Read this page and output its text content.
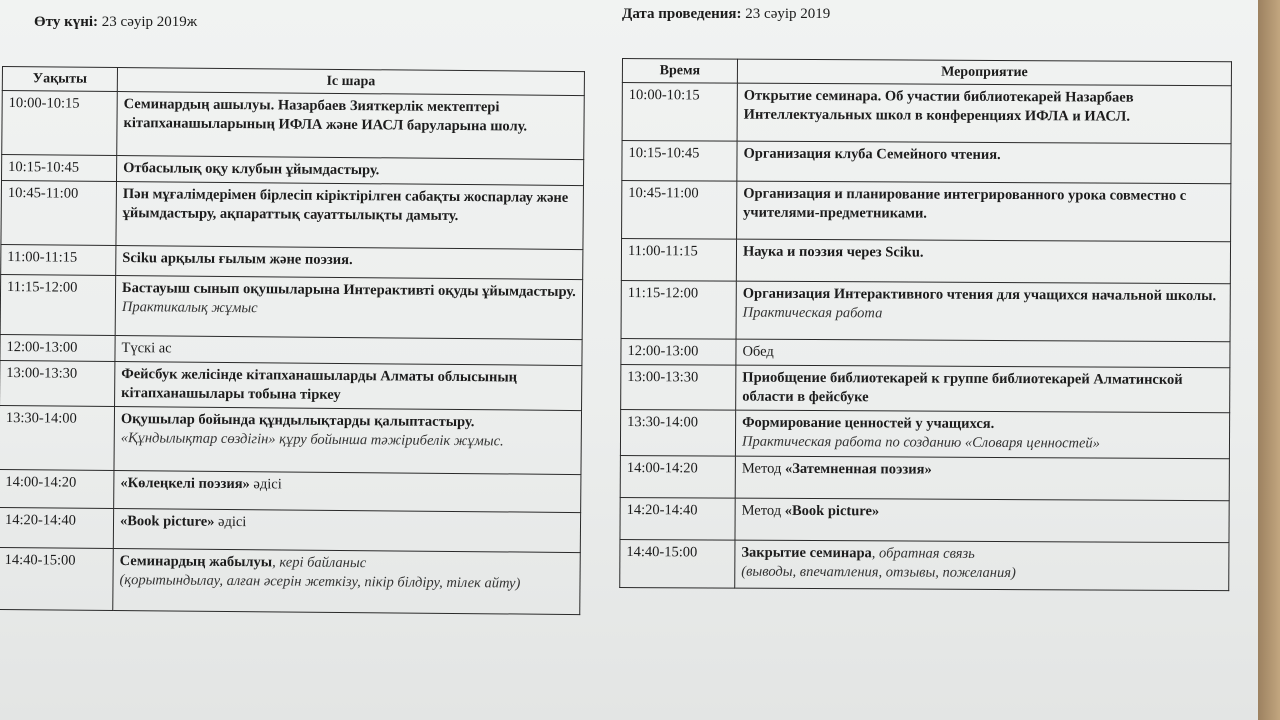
Өту күні: 23 сәуір 2019ж	Дата проведения: 23 сәуір 2019
Уақыты	Іс шара
10:00-10:15	Семинардың ашылуы. Назарбаев Зияткерлік мектептері кітапханашыларының ИФЛА және ИАСЛ баруларына шолу.
10:15-10:45	Отбасылық оқу клубын ұйымдастыру.
10:45-11:00	Пән мұғалімдерімен бірлесіп кіріктірілген сабақты жоспарлау және ұйымдастыру, ақпараттық сауаттылықты дамыту.
11:00-11:15	Sciku арқылы ғылым және поэзия.
11:15-12:00	Бастауыш сынып оқушыларына Интерактивті оқуды ұйымдастыру.
Практикалық жұмыс

12:00-13:00	Түскі ас
13:00-13:30	Фейсбук желісінде кітапханашыларды Алматы облысының кітапханашылары тобына тіркеу
13:30-14:00	Оқушылар бойында құндылықтарды қалыптастыру.
«Құндылықтар сөздігін» құру бойынша тәжірибелік жұмыс.

14:00-14:20	«Көлеңкелі поэзия» әдісі
14:20-14:40	«Book picture» әдісі
14:40-15:00	Семинардың жабылуы, кері байланыс
(қорытындылау, алған әсерін жеткізу, пікір білдіру, тілек айту)
Время	Мероприятие
10:00-10:15	Открытие семинара. Об участии библиотекарей Назарбаев Интеллектуальных школ в конференциях ИФЛА и ИАСЛ.
10:15-10:45	Организация клуба Семейного чтения.
10:45-11:00	Организация и планирование интегрированного урока совместно с учителями-предметниками.
11:00-11:15	Наука и поэзия через Sciku.
11:15-12:00	Организация Интерактивного чтения для учащихся начальной школы.
Практическая работа

12:00-13:00	Обед
13:00-13:30	Приобщение библиотекарей к группе библиотекарей Алматинской области в фейсбуке
13:30-14:00	Формирование ценностей у учащихся.
Практическая работа по созданию «Словаря ценностей»

14:00-14:20	Метод «Затемненная поэзия»
14:20-14:40	Метод «Book picture»
14:40-15:00	Закрытие семинара, обратная связь
(выводы, впечатления, отзывы, пожелания)
